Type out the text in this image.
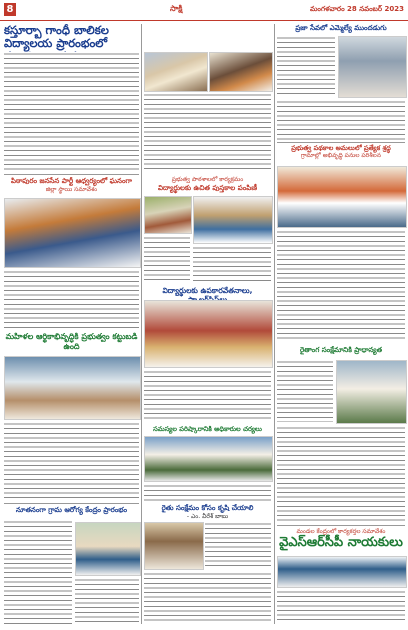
8	సాక్షి	మంగళవారం 28 నవంబర్ 2023
కస్తూర్బా గాంధీ బాలికల విద్యాలయ ప్రారంభంలో
పిఠాపురం జనసేన పార్టీ ఆధ్వర్యంలో ఘనంగా
జిల్లా స్థాయి సమావేశం
మహిళల ఆర్థికాభివృద్ధికి ప్రభుత్వం కట్టుబడి ఉంది
నూతనంగా గ్రామ ఆరోగ్య కేంద్రం ప్రారంభం
ప్రభుత్వ పాఠశాలలో కార్యక్రమం
విద్యార్థులకు ఉచిత పుస్తకాల పంపిణీ
విద్యార్థులకు ఉపకారవేతనాలు,
సమస్యల పరిష్కారానికి అధికారుల చర్యలు
రైతు సంక్షేమం కోసం కృషి చేయాలి
- ఎం. వీరేశ్ బాబు
ప్రజా సేవలో ఎమ్మెల్యే ముందడుగు
ప్రభుత్వ పథకాల అమలులో ప్రత్యేక శ్రద్ధ
గ్రామాల్లో అభివృద్ధి పనుల పరిశీలన
రైతాంగ సంక్షేమానికి ప్రాధాన్యత
మండల కేంద్రంలో కార్యకర్తల సమావేశం
వైఎస్ఆర్‌సీపీ నాయకులు
